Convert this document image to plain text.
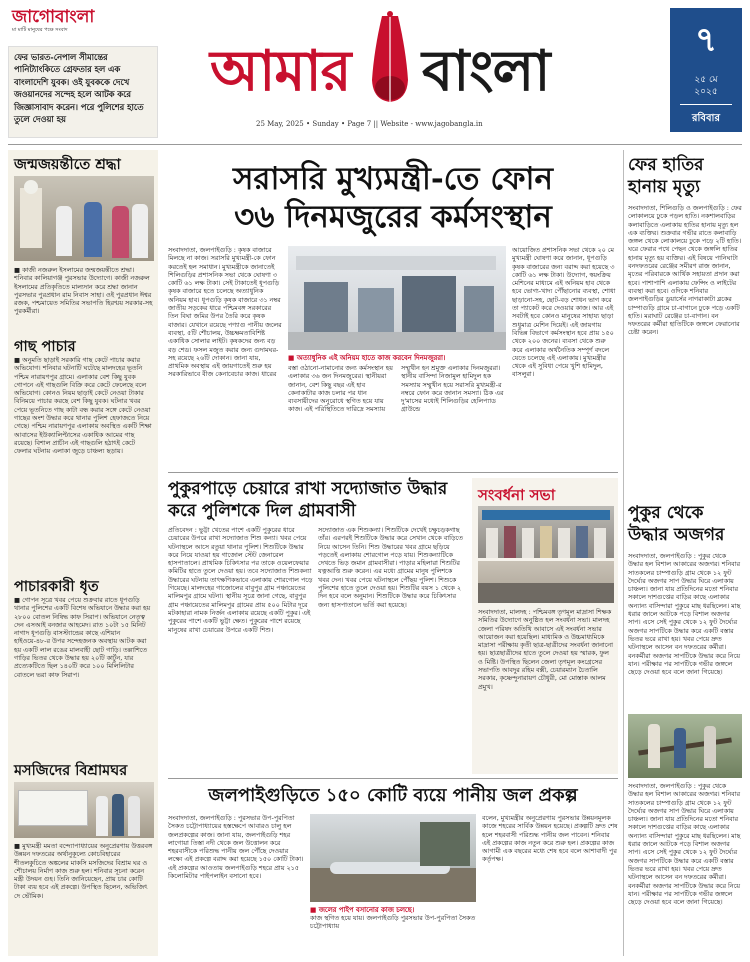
জাগোবাংলা
মা মাটি মানুষের পক্ষে সংবাদ
ফের ভারত-নেপাল সীমান্তের পানিট্যাংকিতে গ্রেফতার হল এক বাংলাদেশি যুবক। ওই যুবককে দেখে জওয়ানদের সন্দেহ হলে আটক করে জিজ্ঞাসাবাদ করেন। পরে পুলিশের হাতে তুলে দেওয়া হয়
আমার বাংলা
25 May, 2025 • Sunday • Page 7 || Website - www.jagobangla.in
৭
২৫ মে
২০২৫
রবিবার
জন্মজয়ন্তীতে শ্রদ্ধা
■ কাজী নজরুল ইসলামের জন্মজয়ন্তীতে শ্রদ্ধা। শনিবার কালিয়াগঞ্জ পুরসভার উদ্যোগে। কাজী নজরুল ইসলামের প্রতিকৃতিতে মাল্যদান করে শ্রদ্ধা জানান পুরসভার পুরপ্রধান রাম নিবাস সাহা। ওই পুরপ্রধান ঈশ্বর রজক, পশ্চমায়েত সমিতির সভাপতি হিরণ্ময় সরকার-সহ পুরকর্মীরা।
গাছ পাচার
■ অনুমতি ছাড়াই সরকারি গাছ কেটে পাচার করার অভিযোগ। শনিবার ঘটনাটি ঘটেছে মালদহের ভূতনি পশ্চিম নারায়ণপুর গ্রামে। এলাকার বেশ কিছু যুবক গোপনে এই গাছগুলি বিক্রি করে কেটে ফেলেছে বলে অভিযোগ। কোনও নিয়ম ছাড়াই কেটে নেওয়া টাকার বিনিময়ে পাচার করছে বেশ কিছু যুবক। ঘটনার খবর পেয়ে ভূতনিতে গাছ কাটা বন্ধ করার সঙ্গে কেটে নেওয়া গাছের অংশ উদ্ধার করে থানার পুলিশ হেফাজতে নিয়ে গেছে। পশ্চিম নারায়ণপুর এলাকায় অবস্থিত একটি শিক্ষা আবাসের ইউক্যালিপ্টাসের একাধিক আমের গাছ রয়েছে। বিশাল প্রাচীন এই গাছগুলি হঠাৎই কেটে ফেলার ঘটনায় এলাকা জুড়ে চাঞ্চল্য ছড়ায়।
পাচারকারী ধৃত
■ গোপন সূত্রে খবর পেয়ে শুক্রবার রাতে ধূপগুড়ি থানার পুলিশের একটি বিশেষ অভিযানে উদ্ধার করা হয় ২৮০০ বোতল নিষিদ্ধ কাফ সিরাপ। অভিযানে নেতৃত্ব দেন এসআই বনজার আহমেদ। রাত ১০টা ১৫ মিনিট নাগাদ ধূপগুড়ি বাসস্ট্যান্ডের কাছে এশিয়ান হাইওয়ে-৪৮-র উপর সন্দেহজনক অবস্থায় আটক করা হয় একটি লাল রঙের মালবাহী ছোট গাড়ি। তল্লাশিতে গাড়ির ভিতর থেকে উদ্ধার হয় ২০টি কার্টুন, যার প্রত্যেকটিতে ছিল ১৪০টি করে ১০০ মিলিলিটার বোতলে ভরা কাফ সিরাপ।
মসজিদের বিশ্রামঘর
■ মুখ্যমন্ত্রী মমতা বন্দ্যোপাধ্যায়ের অনুপ্রেরণায় উত্তরবঙ্গ উন্নয়ন দফতরের অর্থানুকূল্যে কোচবিহারের শীতলকুচিতে অঙ্কলের মাকসি মসজিদের বিশ্রাম ঘর ও শৌচালয় নির্মাণ কাজ শুরু হল। শনিবার সূচনা করেন মন্ত্রী উদয়ন গুহ। তিনি জানিয়েছেন, প্রায় চার কোটি টাকা ব্যয় হবে এই প্রকল্পে। উপস্থিত ছিলেন, অভিজিৎ দে ভৌমিক।
সরাসরি মুখ্যমন্ত্রী-তে ফোন
৩৬ দিনমজুরের কর্মসংস্থান
■ অত্যাধুনিক এই অনিয়ম হাতে কাজ করবেন দিনমজুররা।
সংবাদদাতা, জলপাইগুড়ি : কৃষক বাজারে মিলছে না কাজ। সরাসরি মুখ্যমন্ত্রী-কে ফোন করতেই হল সমাধান। মুখ্যমন্ত্রীকে জানাতেই শিলিগুড়ির প্রশাসনিক সভা থেকে ঘোষণা ৩ কোটি ৬১ লক্ষ টাকা। সেই টাকাতেই ধূপগুড়ি কৃষক বাজারে হতে চলেছে অত্যাধুনিক অনিয়ম হাব। ধূপগুড়ি কৃষক বাজারে ৩১ নম্বর জাতীয় সড়কের ধারে পশ্চিমবঙ্গ সরকারের তিন বিঘা জমির উপর তৈরি করে কৃষক বাজার। যেখানে রয়েছে পণ্যাগু পানীয় জলের ব্যবস্থা, ৫টি শৌচালয়, উচ্চক্ষমতাবিশিষ্ট একাধিক সোলার লাইট। কৃষকদের জন্য বড় বড় শেড। ফসল মজুত করার জন্য গুদামঘর-সহ রয়েছে ২৬টি দোকান। জানা যায়, প্রাথমিক অবস্থায় এই জায়গাতেই শুরু হয় সরকারিভাবে বীজ কেনাবেচার কাজ। ধারের
বস্তা ওঠানো-নামানোর জন্য কর্মসংস্থান হয় এলাকার ৩৬ জন দিনমজুরের। স্থানীয়রা জানান, বেশ কিছু বছর এই হাব কেনাকাটার কাজ চলার পর ধান ব্যবসায়ীদের অনুরোধে স্থগিত হয়ে যায় কাজ। এই পরিস্থিতিতে দারিদ্রে সমস্যায় সম্মুখীন হন শ্রমুক্ত এলাকার দিনমজুররা। স্থানীয় বাসিন্দা নিজামুল হামিদুল হক সমস্যায় সম্মুখীন হয়ে সরাসরি মুখ্যমন্ত্রী-র নম্বরে ফোন করে জানান সমস্যা। ঠিক এর দু'মাসের মধ্যেই শিলিগুড়ির হেলিপ্যাড গ্রাউন্ডে
আয়োজিত প্রশাসনিক সভা থেকে ২০ মে মুখ্যমন্ত্রী ঘোষণা করে জানান, ধূপগুড়ি কৃষক বাজারের জন্য বরাদ্দ করা হয়েছে ৩ কোটি ৬১ লক্ষ টাকা। উদ্যোগ, স্বয়ংক্রিয় মেশিনের মাধ্যমে এই অনিয়ম হাব থেকে হবে ভোগ্য-খাদ্য পৌঁছানোর ব্যবস্থা, শোধা ছাড়ানো-সহ, ছোট-বড় শোধন ভাগ করে তা প্যাকেট করে দেওয়ার কাজ। আর এই সবটাই হবে কোনও মানুষের সাহায্য ছাড়া শুধুমাত্র মেশিন দিয়েই। এই জায়গায় বিভিন্ন বিভাগে কর্মসংস্থান হবে প্রায় ১৫০ থেকে ২০০ জনের। ব্যবসা থেকে শুরু করে এলাকার অর্থনৈতিক সম্পূর্ণ বদলে যেতে চলেছে এই এলাকায়। মুখ্যমন্ত্রীর থেকে এই সুবিধা পেয়ে খুশি হামিদুল, বাসলুরা।
পুকুরপাড়ে চেয়ারে রাখা সদ্যোজাত উদ্ধার করে পুলিশকে দিল গ্রামবাসী
প্রতিবেদন : ভুট্টা খেতের পাশে একটি পুকুরের ধারে চেয়ারের উপরে রাখা সদ্যোজাত শিশু কন্যা। খবর পেয়ে ঘটনাস্থলে আসে রতুয়া থানার পুলিশ। শিশুটিকে উদ্ধার করে নিয়ে যাওয়া হয় গাজোল স্টেট জেনারেল হাসপাতালে। প্রাথমিক চিকিৎসার পর তাকে ওয়েলফেয়ার কমিটির হাতে তুলে দেওয়া হয়। তবে সদ্যোজাত শিশুকন্যা উদ্ধারের ঘটনায় তাৎক্ষণিকভাবে এলাকায় শোরগোল পড়ে গিয়েছে। মালদহের গাজোলের বাবুপুর গ্রাম পঞ্চায়েতের মালিমপুর গ্রামে ঘটনা। স্থানীয় সূত্রে জানা গেছে, বাবুপুর গ্রাম পঞ্চায়েতের মালিমপুর গ্রামের প্রায় ৫০০ মিটার দূরে মটকাহারা নামক নির্জন এলাকায় রয়েছে একটি পুকুর। এই পুকুরের পাশে একটি ভুট্টা ক্ষেত। পুকুরের পাশে রয়েছে মানুষের রাখা চেয়ারের উপরে একটি শিশু।
সদ্যোজাত এক শিশুকন্যা। শিশুটিকে দেখেই চক্ষুচড়কগাছ তাঁর। এরপরই শিশুটিকে উদ্ধার করে সেখান থেকে বাড়িতে নিয়ে আসেন তিনি। শিশু উদ্ধারের খবর গ্রামে ছড়িয়ে পড়তেই এলাকায় শোরগোল পড়ে যায়। শিশুকন্যাটিকে দেখতে ভিড় জমান গ্রামবাসীরা। পাড়ার মহিলারা শিশুটির যত্নআত্তি শুরু করেন। এর মধ্যে গ্রামের মানুষ পুলিশকে খবর দেন। খবর পেয়ে ঘটনাস্থলে পৌঁছয় পুলিশ। শিশুকে পুলিশের হাতে তুলে দেওয়া হয়। শিশুটির বয়স ১ থেকে ২ দিন হবে বলে অনুমান। শিশুটিকে উদ্ধার করে চিকিৎসার জন্য হাসপাতালে ভর্তি করা হয়েছে।
সংবর্ধনা সভা
সংবাদদাতা, মালদহ : পশ্চিমবঙ্গ তৃণমূল মাদ্রাসা শিক্ষক সমিতির উদ্যোগে অনুষ্ঠিত হল সংবর্ধনা সভা। মালদহ জেলা পরিষদ অতিথি আবাসে এই সংবর্ধনা সভার আয়োজন করা হয়েছিল। মাধ্যমিক ও উচ্চমাধ্যমিকে মাদ্রাসা পরীক্ষায় কৃতী ছাত্র-ছাত্রীদের সংবর্ধনা জানানো হয়। ছাত্রছাত্রীদের হাতে তুলে দেওয়া হয় স্মারক, ফুল ও মিষ্টি। উপস্থিত ছিলেন জেলা তৃণমূল কংগ্রেসের সভাপতি আবদুর রহিম বক্সী, চেয়ারম্যান চৈতালি সরকার, কৃষ্ণেন্দুনারায়ণ চৌধুরী, মো মোস্তাক আলম প্রমুখ।
জলপাইগুড়িতে ১৫০ কোটি ব্যয়ে পানীয় জল প্রকল্প
সংবাদদাতা, জলপাইগুড়ি : পুরসভার উপ-পুরপিতা সৈকত চট্টোপাধ্যায়ের হস্তক্ষেপে আবারও চালু হল জলপ্রকল্পের কাজ। জানা যায়, জলপাইগুড়ি শহর লাগোয়া তিস্তা নদী থেকে জল উত্তোলন করে শহরবাসীকে পরিশুদ্ধ পানীয় জল পৌঁছে দেওয়ার লক্ষ্যে এই প্রকল্পে বরাদ্দ করা হয়েছে ১৫০ কোটি টাকা। এই প্রকল্পের আওতায় জলপাইগুড়ি শহরে প্রায় ২১৫ কিলোমিটার পাইপলাইন বসানো হবে।
■ জলের পাইপ বসানোর কাজ চলছে।
কাজ স্থগিত হয়ে যায়। জলপাইগুড়ি পুরসভার উপ-পুরপিতা সৈকত চট্টোপাধ্যায়
বলেন, মুখ্যমন্ত্রীর অনুপ্রেরণায় পুরসভার উন্নয়নমূলক কাজে শহরের সার্বিক উন্নয়ন হয়েছে। প্রকল্পটি দ্রুত শেষ হলে শহরবাসী পরিশুদ্ধ পানীয় জল পাবেন। শনিবার এই প্রকল্পের কাজ নতুন করে শুরু হল। প্রকল্পের কাজ আগামী এক বছরের মধ্যে শেষ হবে বলে আশাবাদী পুর কর্তৃপক্ষ।
ফের হাতির হানায় মৃত্যু
সংবাদদাতা, শিলিগুড়ি ও জলপাইগুড়ি : ফের লোকালয়ে ঢুকে পড়ল হাতি। নকশালবাড়ির কলাবাড়িতে এলাকায় হাতির হানায় মৃত্যু হল এক ব্যক্তির। শুক্রবার গভীর রাতে কলাবাড়ি জঙ্গল থেকে লোকালয়ে ঢুকে পড়ে ২টি হাতি। ঘরে ফেরার পথে পেছন থেকে জঙ্গলি হাতির হানায় মৃত্যু হয় ব্যক্তির। এই বিষয়ে পানিঘাটা বনদফতরের রেঞ্জের সমীরণ রাজ জানান, মৃতের পরিবারকে আর্থিক সহায়তা প্রদান করা হবে। পাশাপাশি এলাকায় ফেন্সিং ও লাইটের ব্যবস্থা করা হবে। ওদিকে শনিবার জলপাইগুড়ির ডুয়ার্সের নাগরাকাটা ব্লকের চাম্পাগুড়ি গ্রামে চা-বাগানে ঢুকে পড়ে একটি হাতি। মরাঘাট রেঞ্জের চা-বাগান। বন দফতরের কর্মীরা হাতিটিকে জঙ্গলে ফেরানোর চেষ্টা করেন।
পুকুর থেকে উদ্ধার অজগর
সংবাদদাতা, জলপাইগুড়ি : পুকুর থেকে উদ্ধার হল বিশাল আকারের অজগর। শনিবার সাতকলের চাম্পাগুড়ি গ্রাম থেকে ১২ ফুট দৈর্ঘ্যের অজগর সাপ উদ্ধার ঘিরে এলাকায় চাঞ্চল্য। জানা যায় প্রতিদিনের মতো শনিবার সকালে দাশগুপ্তের বাড়ির কাছে এলাকার অন্যান্য বাসিন্দারা পুকুরে মাছ ধরছিলেন। মাছ ধরার জালে আটকে পড়ে বিশাল অজগর সাপ। এসে সেই পুকুর থেকে ১২ ফুট দৈর্ঘ্যের অজগর সাপটিকে উদ্ধার করে একটি বস্তার ভিতর ভরে রাখা হয়। খবর পেয়ে দ্রুত ঘটনাস্থলে আসেন বন দফতরের কর্মীরা। বনকর্মীরা অজগর সাপটিকে উদ্ধার করে নিয়ে যান। পরীক্ষার পর সাপটিকে গভীর জঙ্গলে ছেড়ে দেওয়া হবে বলে জানা গিয়েছে।
সংবাদদাতা, জলপাইগুড়ি : পুকুর থেকে উদ্ধার হল বিশাল আকারের অজগর। শনিবার সাতকলের চাম্পাগুড়ি গ্রাম থেকে ১২ ফুট দৈর্ঘ্যের অজগর সাপ উদ্ধার ঘিরে এলাকায় চাঞ্চল্য। জানা যায় প্রতিদিনের মতো শনিবার সকালে দাশগুপ্তের বাড়ির কাছে এলাকার অন্যান্য বাসিন্দারা পুকুরে মাছ ধরছিলেন। মাছ ধরার জালে আটকে পড়ে বিশাল অজগর সাপ। এসে সেই পুকুর থেকে ১২ ফুট দৈর্ঘ্যের অজগর সাপটিকে উদ্ধার করে একটি বস্তার ভিতর ভরে রাখা হয়। খবর পেয়ে দ্রুত ঘটনাস্থলে আসেন বন দফতরের কর্মীরা। বনকর্মীরা অজগর সাপটিকে উদ্ধার করে নিয়ে যান। পরীক্ষার পর সাপটিকে গভীর জঙ্গলে ছেড়ে দেওয়া হবে বলে জানা গিয়েছে।
